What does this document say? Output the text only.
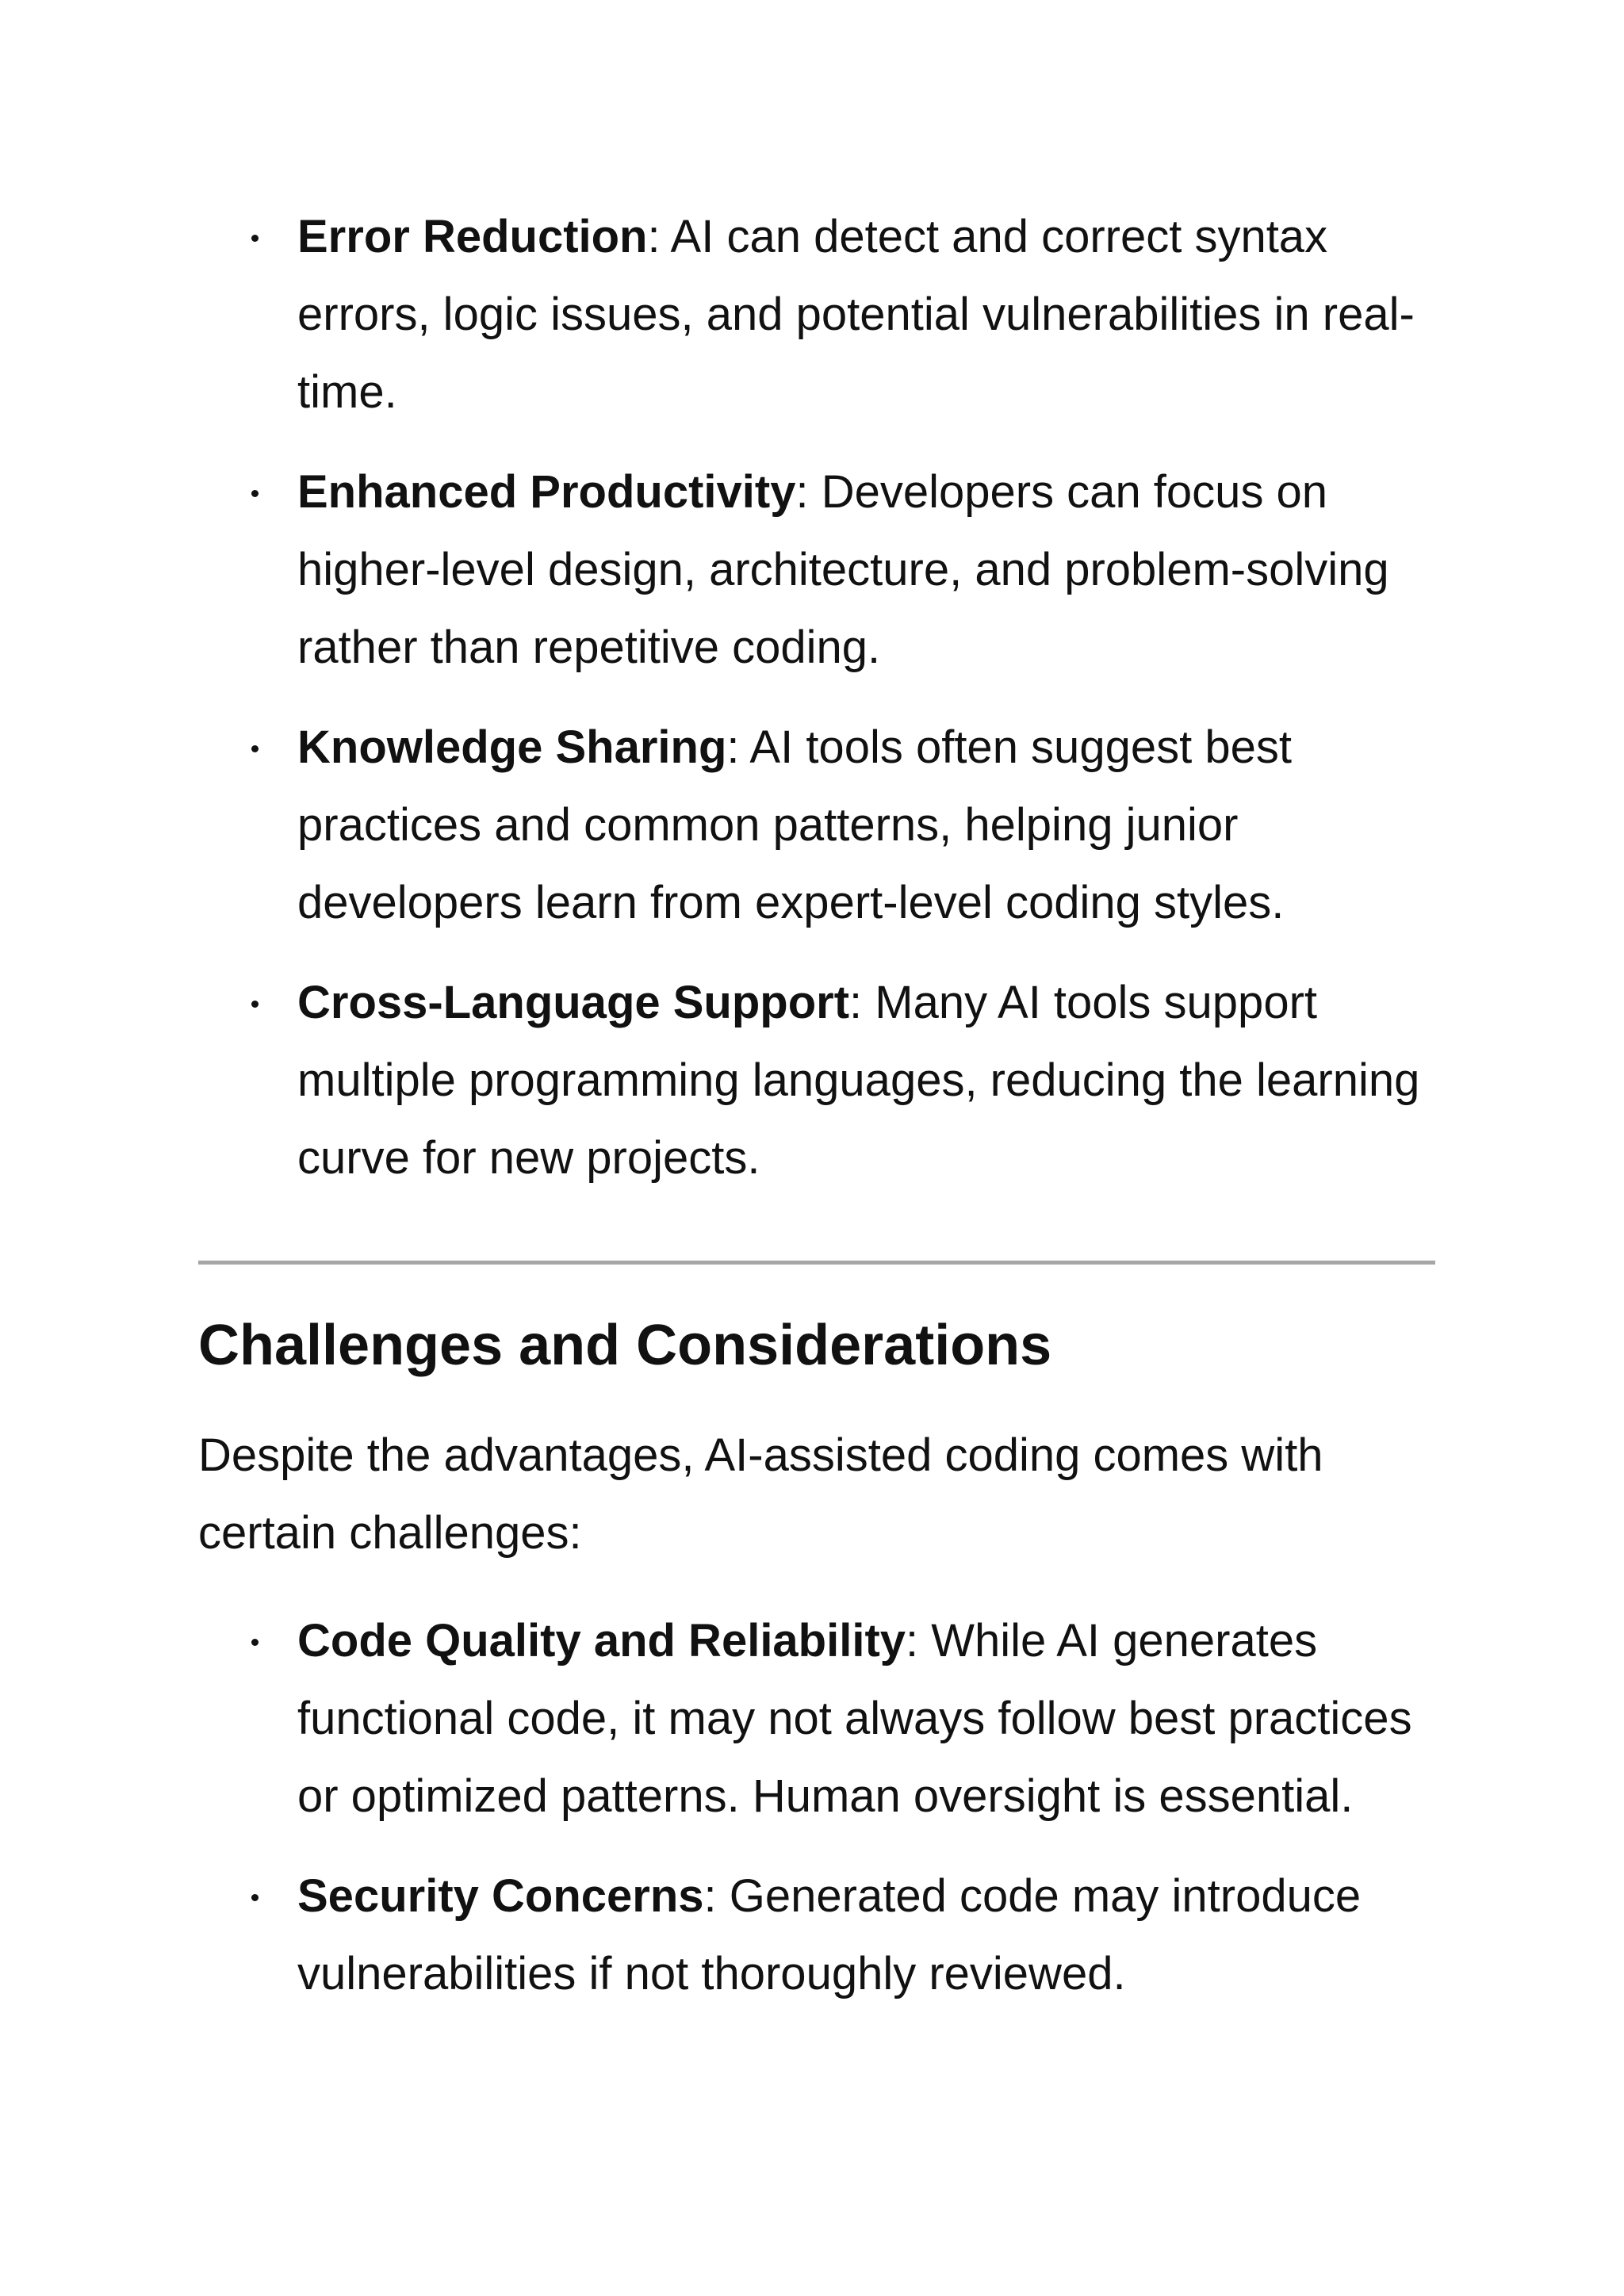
Error Reduction: AI can detect and correct syntax errors, logic issues, and potential vulnerabilities in real-time.
Enhanced Productivity: Developers can focus on higher-level design, architecture, and problem-solving rather than repetitive coding.
Knowledge Sharing: AI tools often suggest best practices and common patterns, helping junior developers learn from expert-level coding styles.
Cross-Language Support: Many AI tools support multiple programming languages, reducing the learning curve for new projects.
Challenges and Considerations

Despite the advantages, AI-assisted coding comes with certain challenges:

Code Quality and Reliability: While AI generates functional code, it may not always follow best practices or optimized patterns. Human oversight is essential.
Security Concerns: Generated code may introduce vulnerabilities if not thoroughly reviewed.
